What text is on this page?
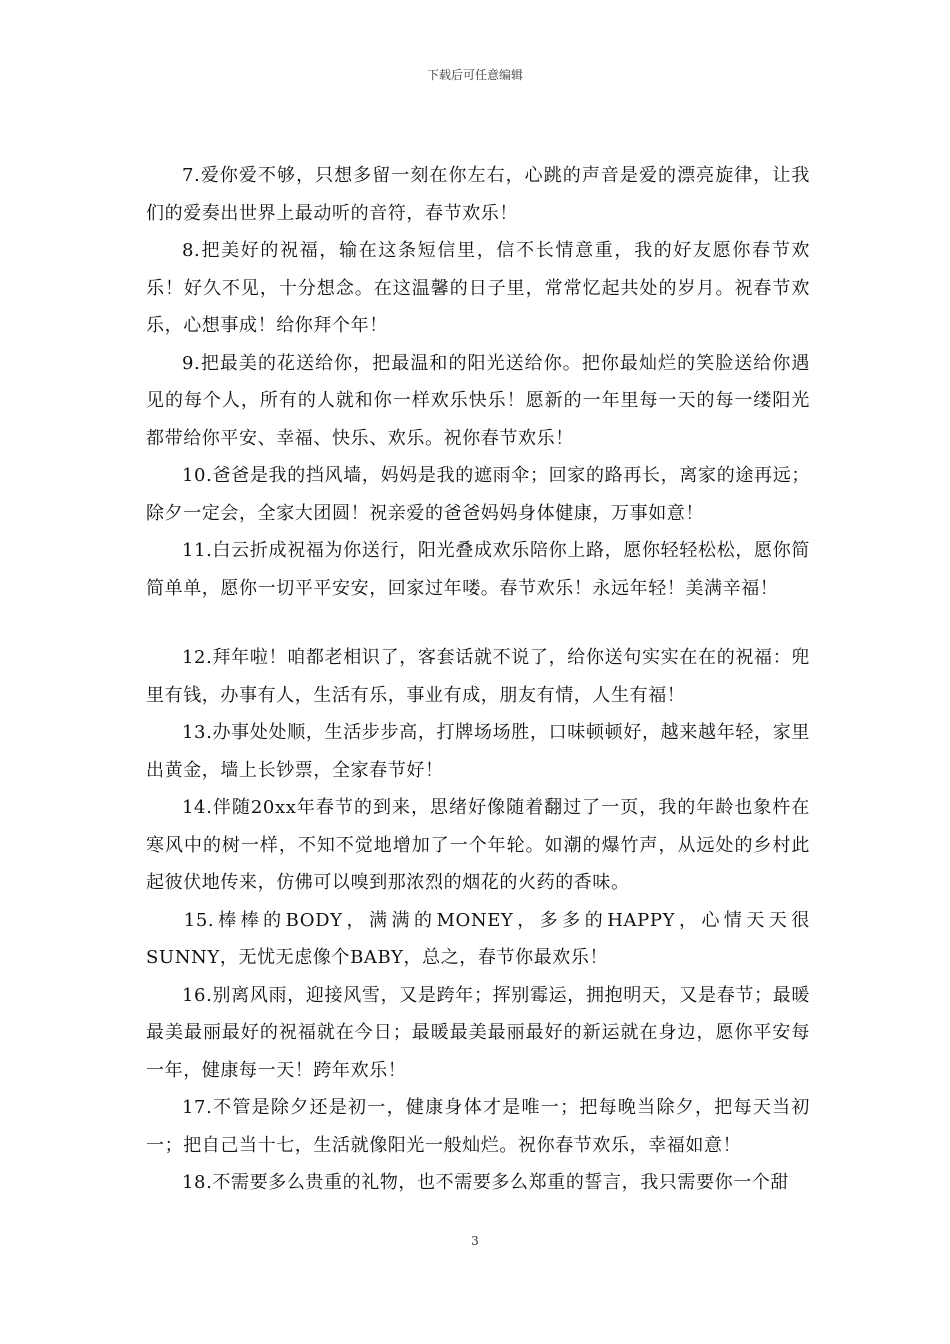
下载后可任意编辑

7.爱你爱不够，只想多留一刻在你左右，心跳的声音是爱的漂亮旋律，让我们的爱奏出世界上最动听的音符，春节欢乐！

8.把美好的祝福，输在这条短信里，信不长情意重，我的好友愿你春节欢乐！好久不见，十分想念。在这温馨的日子里，常常忆起共处的岁月。祝春节欢乐，心想事成！给你拜个年！

9.把最美的花送给你，把最温和的阳光送给你。把你最灿烂的笑脸送给你遇见的每个人，所有的人就和你一样欢乐快乐！愿新的一年里每一天的每一缕阳光都带给你平安、幸福、快乐、欢乐。祝你春节欢乐！

10.爸爸是我的挡风墙，妈妈是我的遮雨伞；回家的路再长，离家的途再远；除夕一定会，全家大团圆！祝亲爱的爸爸妈妈身体健康，万事如意！

11.白云折成祝福为你送行，阳光叠成欢乐陪你上路，愿你轻轻松松，愿你简简单单，愿你一切平平安安，回家过年喽。春节欢乐！永远年轻！美满辛福！

12.拜年啦！咱都老相识了，客套话就不说了，给你送句实实在在的祝福：兜里有钱，办事有人，生活有乐，事业有成，朋友有情，人生有福！

13.办事处处顺，生活步步高，打牌场场胜，口味顿顿好，越来越年轻，家里出黄金，墙上长钞票，全家春节好！

14.伴随20xx年春节的到来，思绪好像随着翻过了一页，我的年龄也象杵在寒风中的树一样，不知不觉地增加了一个年轮。如潮的爆竹声，从远处的乡村此起彼伏地传来，仿佛可以嗅到那浓烈的烟花的火药的香味。

15.棒棒的BODY，满满的MONEY，多多的HAPPY，心情天天很SUNNY，无忧无虑像个BABY，总之，春节你最欢乐！

16.别离风雨，迎接风雪，又是跨年；挥别霉运，拥抱明天，又是春节；最暖最美最丽最好的祝福就在今日；最暖最美最丽最好的新运就在身边，愿你平安每一年，健康每一天！跨年欢乐！

17.不管是除夕还是初一，健康身体才是唯一；把每晚当除夕，把每天当初一；把自己当十七，生活就像阳光一般灿烂。祝你春节欢乐，幸福如意！

18.不需要多么贵重的礼物，也不需要多么郑重的誓言，我只需要你一个甜

3
